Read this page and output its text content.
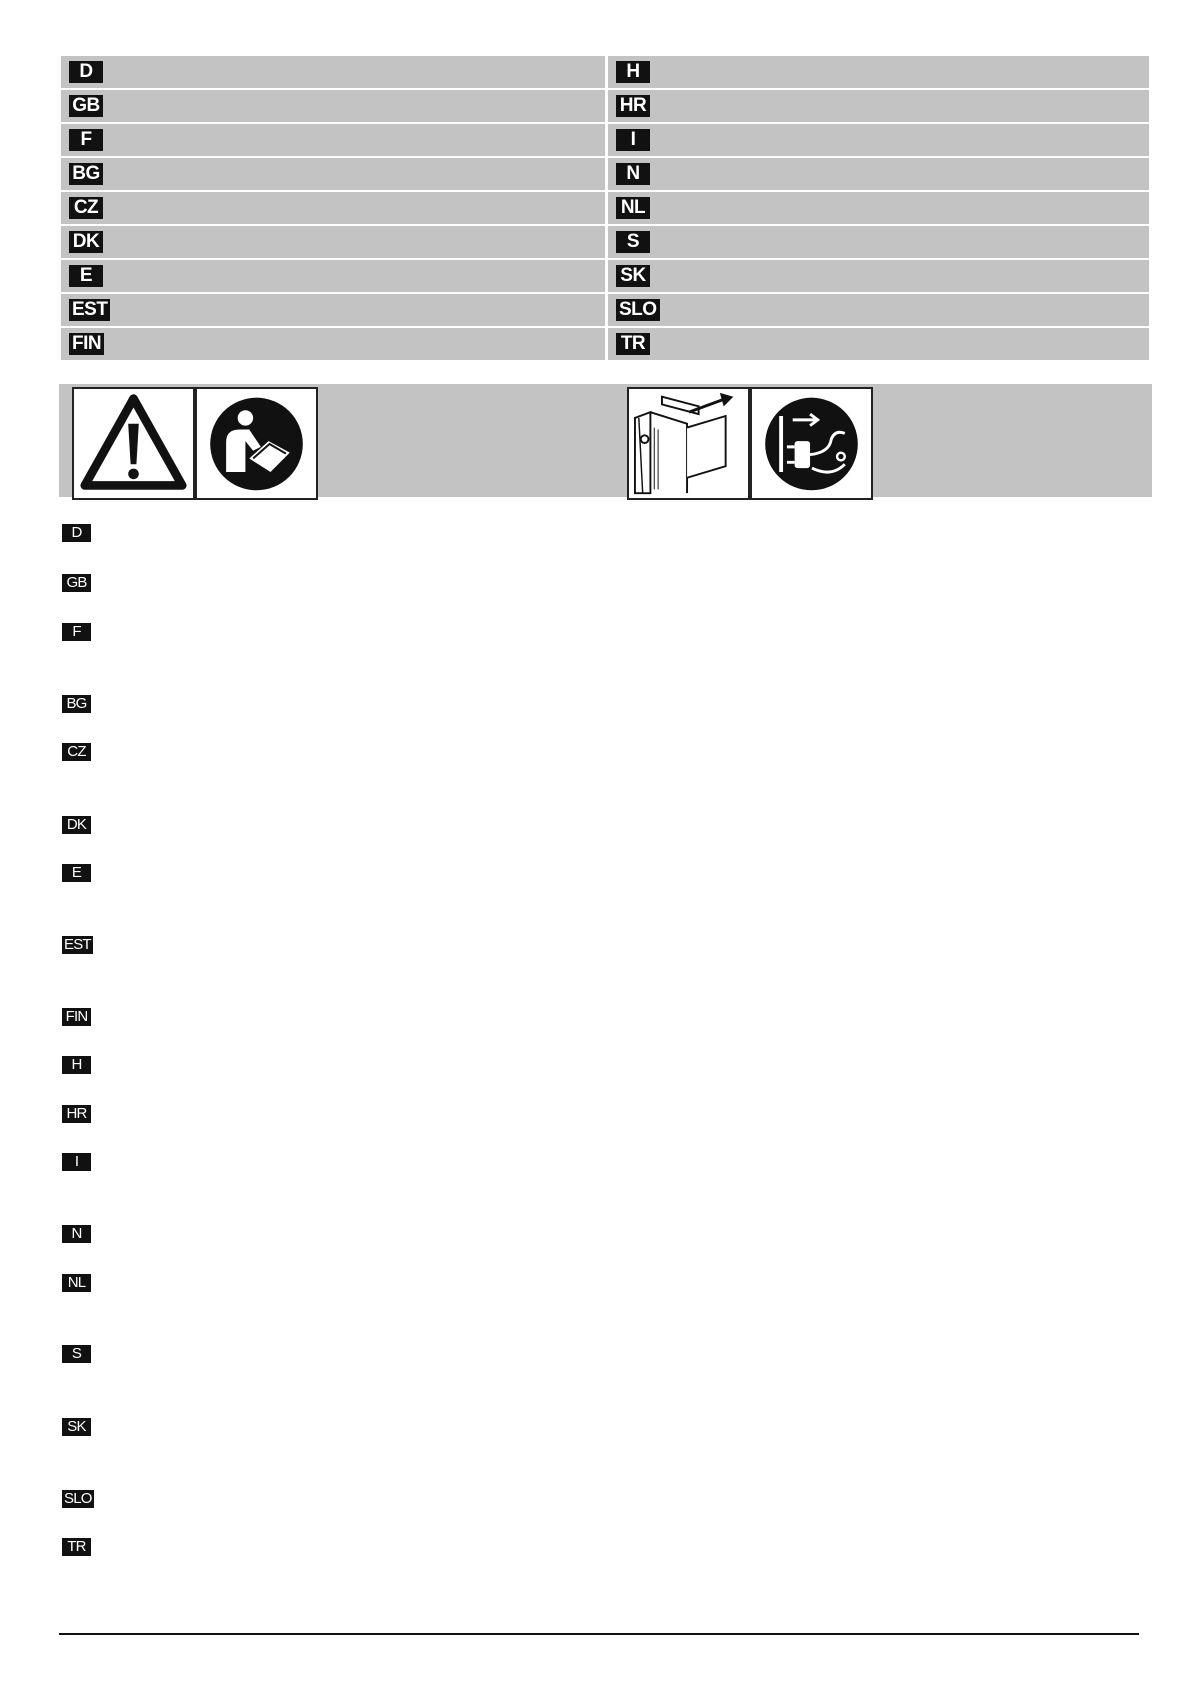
D	H
GB	HR
F	I
BG	N
CZ	NL
DK	S
E	SK
EST	SLO
FIN	TR
D
GB
F
BG
CZ
DK
E
EST
FIN
H
HR
I
N
NL
S
SK
SLO
TR
